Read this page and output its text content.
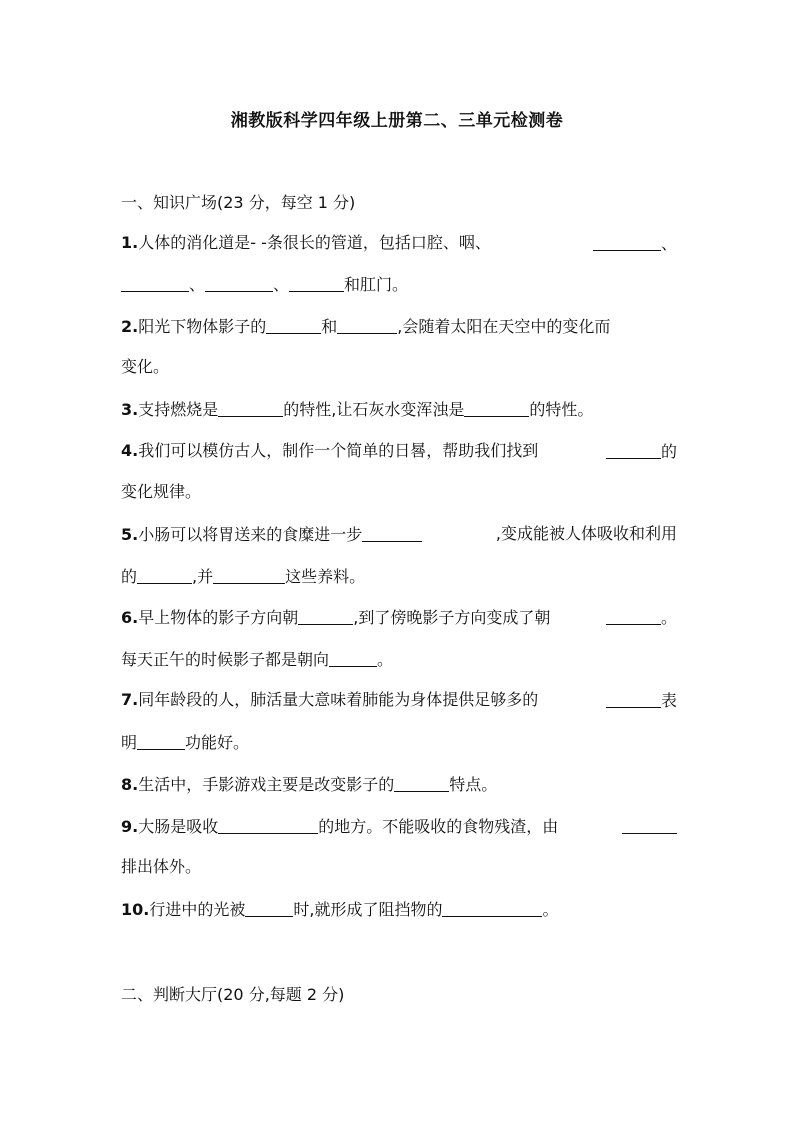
湘教版科学四年级上册第二、三单元检测卷
一、知识广场(23 分，每空 1 分)
1.人体的消化道是- -条很长的管道，包括口腔、咽、	、
、	、	和肛门。
2.阳光下物体影子的	和	,会随着太阳在天空中的变化而
变化。
3.支持燃烧是	的特性,让石灰水变浑浊是	的特性。
4.我们可以模仿古人，制作一个简单的日晷，帮助我们找到	的
变化规律。
5.小肠可以将胃送来的食糜进一步	,变成能被人体吸收和利用
的	,并	这些养料。
6.早上物体的影子方向朝	,到了傍晚影子方向变成了朝	。
每天正午的时候影子都是朝向	。
7.同年龄段的人，肺活量大意味着肺能为身体提供足够多的	表
明	功能好。
8.生活中，手影游戏主要是改变影子的	特点。
9.大肠是吸收	的地方。不能吸收的食物残渣，由
排出体外。
10.行进中的光被	时,就形成了阻挡物的	。
二、判断大厅(20 分,每题 2 分)
